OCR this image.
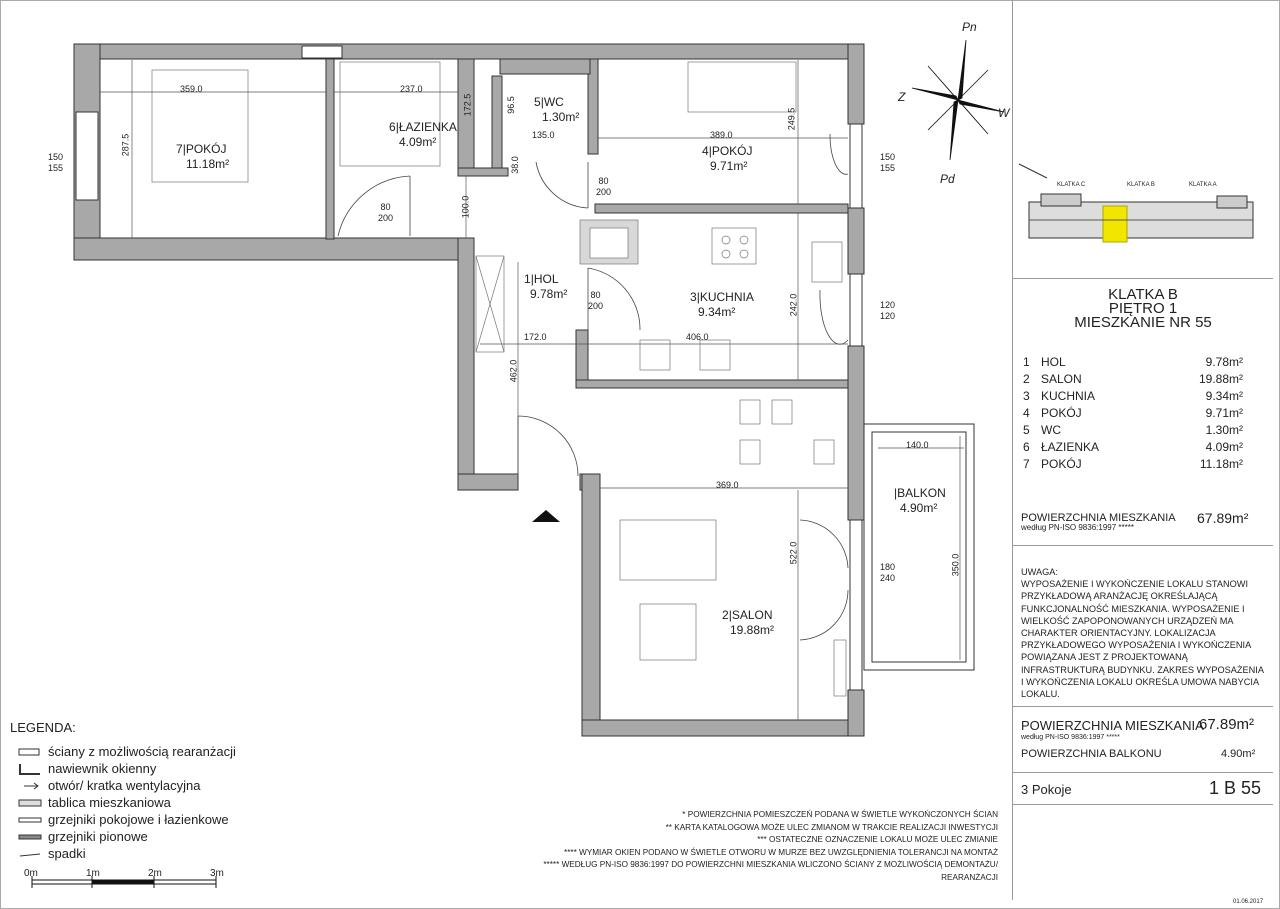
7|POKÓJ
11.18m²
6|ŁAZIENKA
4.09m²
5|WC
1.30m²
4|POKÓJ
9.71m²
1|HOL
9.78m²	3|KUCHNIA
9.34m²
2|SALON
19.88m²
|BALKON
4.90m²
359.0	237.0
135.0	389.0
172.0	406.0
369.0
140.0
287.5
172.5	96.5
249.5
100.0
38.0
242.0
462.0
522.0
350.0
80
200
80
200
80
200
150
155
150
155
120
120
180
240
Pn
Pd
Z
W
KLATKA C	KLATKA B	KLATKA A
KLATKA B
PIĘTRO 1
MIESZKANIE NR 55
1 HOL	9.78m²
2 SALON	19.88m²
3 KUCHNIA	9.34m²
4 POKÓJ	9.71m²
5 WC	1.30m²
6 ŁAZIENKA	4.09m²
7 POKÓJ	11.18m²
POWIERZCHNIA MIESZKANIA
według PN-ISO 9836:1997 *****
67.89m²
UWAGA:
WYPOSAŻENIE I WYKOŃCZENIE LOKALU STANOWI
PRZYKŁADOWĄ ARANŻACJĘ OKREŚLAJĄCĄ
FUNKCJONALNOŚĆ MIESZKANIA. WYPOSAŻENIE I
WIELKOŚĆ ZAPOPONOWANYCH URZĄDZEŃ MA
CHARAKTER ORIENTACYJNY. LOKALIZACJA
PRZYKŁADOWEGO WYPOSAŻENIA I WYKOŃCZENIA
POWIĄZANA JEST Z PROJEKTOWANĄ
INFRASTRUKTURĄ BUDYNKU. ZAKRES WYPOSAŻENIA
I WYKOŃCZENIA LOKALU OKREŚLA UMOWA NABYCIA
LOKALU.
POWIERZCHNIA MIESZKANIA
według PN-ISO 9836:1997 *****
67.89m²
POWIERZCHNIA BALKONU	4.90m²
3 Pokoje	1 B 55
01.06.2017
LEGENDA:
ściany z możliwością rearanżacji
nawiewnik okienny
otwór/ kratka wentylacyjna
tablica mieszkaniowa
grzejniki pokojowe i łazienkowe
grzejniki pionowe
spadki
0m	1m	2m	3m
* POWIERZCHNIA POMIESZCZEŃ PODANA W ŚWIETLE WYKOŃCZONYCH ŚCIAN
** KARTA KATALOGOWA MOŻE ULEC ZMIANOM W TRAKCIE REALIZACJI INWESTYCJI
*** OSTATECZNE OZNACZENIE LOKALU MOŻE ULEC ZMIANIE
**** WYMIAR OKIEN PODANO W ŚWIETLE OTWORU W MURZE BEZ UWZGLĘDNIENIA TOLERANCJI NA MONTAŻ
***** WEDŁUG PN-ISO 9836:1997 DO POWIERZCHNI MIESZKANIA WLICZONO ŚCIANY Z MOŻLIWOŚCIĄ DEMONTAŻU/
REARANŻACJI
